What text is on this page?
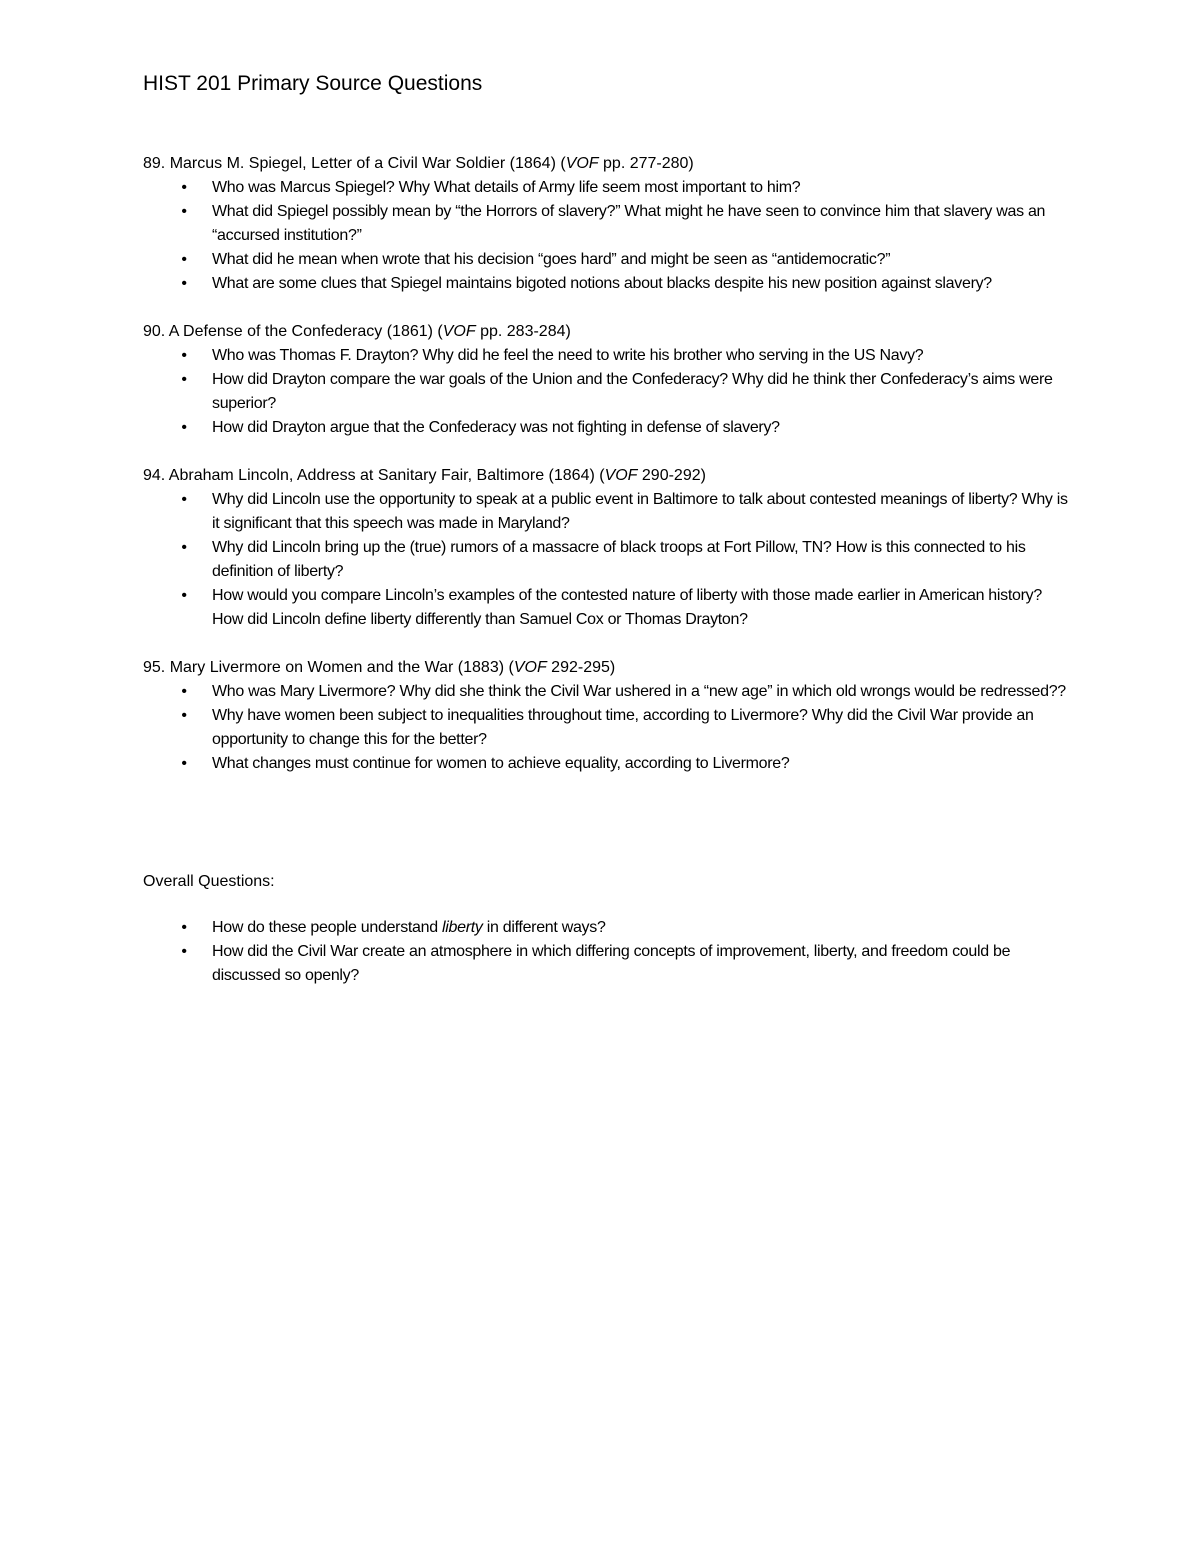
HIST 201 Primary Source Questions

89. Marcus M. Spiegel, Letter of a Civil War Soldier (1864) (VOF pp. 277-280)

• Who was Marcus Spiegel? Why What details of Army life seem most important to him?
• What did Spiegel possibly mean by “the Horrors of slavery?” What might he have seen to convince him that slavery was an “accursed institution?”
• What did he mean when wrote that his decision “goes hard” and might be seen as “antidemocratic?”
• What are some clues that Spiegel maintains bigoted notions about blacks despite his new position against slavery?

90. A Defense of the Confederacy (1861) (VOF pp. 283-284)

• Who was Thomas F. Drayton? Why did he feel the need to write his brother who serving in the US Navy?
• How did Drayton compare the war goals of the Union and the Confederacy? Why did he think ther Confederacy’s aims were superior?
• How did Drayton argue that the Confederacy was not fighting in defense of slavery?

94. Abraham Lincoln, Address at Sanitary Fair, Baltimore (1864) (VOF 290-292)

• Why did Lincoln use the opportunity to speak at a public event in Baltimore to talk about contested meanings of liberty? Why is it significant that this speech was made in Maryland?
• Why did Lincoln bring up the (true) rumors of a massacre of black troops at Fort Pillow, TN? How is this connected to his definition of liberty?
• How would you compare Lincoln’s examples of the contested nature of liberty with those made earlier in American history? How did Lincoln define liberty differently than Samuel Cox or Thomas Drayton?

95. Mary Livermore on Women and the War (1883) (VOF 292-295)

• Who was Mary Livermore? Why did she think the Civil War ushered in a “new age” in which old wrongs would be redressed??
• Why have women been subject to inequalities throughout time, according to Livermore? Why did the Civil War provide an opportunity to change this for the better?
• What changes must continue for women to achieve equality, according to Livermore?

Overall Questions:

• How do these people understand liberty in different ways?
• How did the Civil War create an atmosphere in which differing concepts of improvement, liberty, and freedom could be discussed so openly?
